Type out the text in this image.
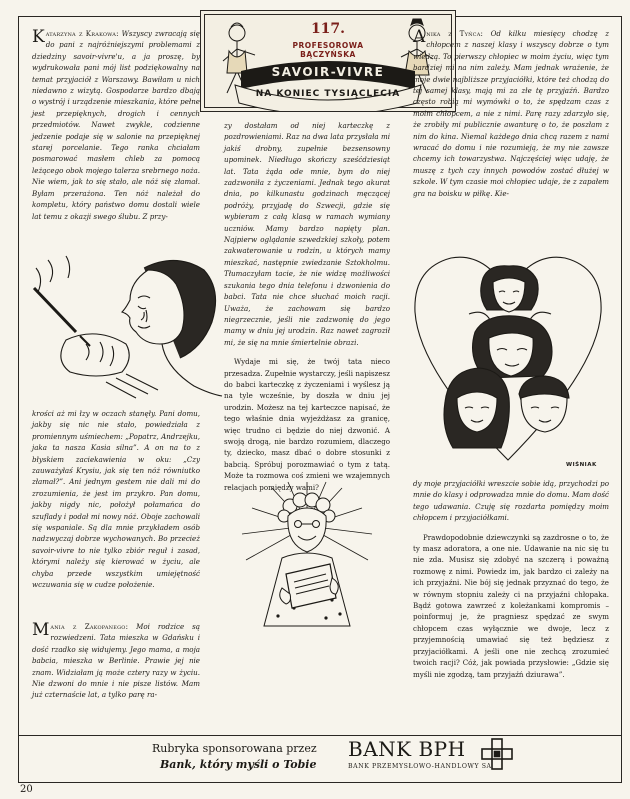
117.
PROFESOROWA
BĄCZYŃSKA
SAVOIR-VIVRE
NA KONIEC TYSIĄCLECIA

Katarzyna z Krakowa: Wszyscy zwracają się do pani z najróżniejszymi problemami z dziedziny savoir-vivre'u, a ja proszę, by wydrukowała pani mój list podziękowalny na temat przyjaciół z Warszawy. Bawiłam u nich niedawno z wizytą. Gospodarze bardzo dbają o wystrój i urządzenie mieszkania, które pełne jest przepięknych, drogich i cennych przedmiotów. Nawet zwykle, codzienne jedzenie podaje się w salonie na przepięknej starej porcelanie. Tego ranka chciałam posmarować masłem chleb za pomocą leżącego obok mojego talerza srebrnego noża. Nie wiem, jak to się stało, ale nóż się złamał. Byłam przerażona. Ten nóż należał do kompletu, który państwo domu dostali wiele lat temu z okazji swego ślubu. Z przy-

krości aż mi łzy w oczach stanęły. Pani domu, jakby się nic nie stało, powiedziała z promiennym uśmiechem: „Popatrz, Andrzejku, jaka ta nasza Kasia silna”. A on na to z błyskiem zaciekawienia w oku: „Czy zauważyłaś Krysiu, jak się ten nóż równiutko złamał?”. Ani jednym gestem nie dali mi do zrozumienia, że jest im przykro. Pan domu, jakby nigdy nic, położył połamańca do szuflady i podał mi nowy nóż. Oboje zachowali się wspaniale. Są dla mnie przykładem osób nadzwyczaj dobrze wychowanych. Bo przecież savoir-vivre to nie tylko zbiór reguł i zasad, którymi należy się kierować w życiu, ale chyba przede wszystkim umiejętność wczuwania się w cudze położenie.

Mania z Zakopanego: Moi rodzice są rozwiedzeni. Tata mieszka w Gdańsku i dość rzadko się widujemy. Jego mama, a moja babcia, mieszka w Berlinie. Prawie jej nie znam. Widziałam ją może cztery razy w życiu. Nie dzwoni do mnie i nie pisze listów. Mam już czternaście lat, a tylko parę ra-

zy dostałam od niej karteczkę z pozdrowieniami. Raz na dwa lata przysłała mi jakiś drobny, zupełnie bezsensowny upominek. Niedługo skończy sześćdziesiąt lat. Tata żąda ode mnie, bym do niej zadzwoniła z życzeniami. Jednak tego akurat dnia, po kilkunastu godzinach męczącej podróży, przyjadę do Szwecji, gdzie się wybieram z całą klasą w ramach wymiany uczniów. Mamy bardzo napięty plan. Najpierw oglądanie szwedzkiej szkoły, potem zakwaterowanie u rodzin, u których mamy mieszkać, następnie zwiedzanie Sztokholmu. Tłumaczyłam tacie, że nie widzę możliwości szukania tego dnia telefonu i dzwonienia do babci. Tata nie chce słuchać moich racji. Uważa, że zachowam się bardzo niegrzecznie, jeśli nie zadzwonię do jego mamy w dniu jej urodzin. Raz nawet zagroził mi, że się na mnie śmiertelnie obrazi.

Wydaje mi się, że twój tata nieco przesadza. Zupełnie wystarczy, jeśli napiszesz do babci karteczkę z życzeniami i wyślesz ją na tyle wcześnie, by doszła w dniu jej urodzin. Możesz na tej karteczce napisać, że tego właśnie dnia wyjeżdżasz za granicę, więc trudno ci będzie do niej dzwonić. A swoją drogą, nie bardzo rozumiem, dlaczego ty, dziecko, masz dbać o dobre stosunki z babcią. Spróbuj porozmawiać o tym z tatą. Może ta rozmowa coś zmieni we wzajemnych relacjach pomiędzy wami?

Anika z Tyńca: Od kilku miesięcy chodzę z chłopcem z naszej klasy i wszyscy dobrze o tym wiedzą. To pierwszy chłopiec w moim życiu, więc tym bardziej mi na nim zależy. Mam jednak wrażenie, że moje dwie najbliższe przyjaciółki, które też chodzą do tej samej klasy, mają mi za złe tę przyjaźń. Bardzo często robią mi wymówki o to, że spędzam czas z moim chłopcem, a nie z nimi. Parę razy zdarzyło się, że zrobiły mi publicznie awanturę o to, że poszłam z nim do kina. Niemal każdego dnia chcą razem z nami wracać do domu i nie rozumieją, że my nie zawsze chcemy ich towarzystwa. Najczęściej więc udaję, że muszę z tych czy innych powodów zostać dłużej w szkole. W tym czasie moi chłopiec udaje, że z zapałem gra na boisku w piłkę. Kie-

WIŚNIAK

dy moje przyjaciółki wreszcie sobie idą, przychodzi po mnie do klasy i odprowadza mnie do domu. Mam dość tego udawania. Czuję się rozdarta pomiędzy moim chłopcem i przyjaciółkami.

Prawdopodobnie dziewczynki są zazdrosne o to, że ty masz adoratora, a one nie. Udawanie na nic się tu nie zda. Musisz się zdobyć na szczerą i poważną rozmowę z nimi. Powiedz im, jak bardzo ci zależy na ich przyjaźni. Nie bój się jednak przyznać do tego, że w równym stopniu zależy ci na przyjaźni chłopaka. Bądź gotowa zawrzeć z koleżankami kompromis – poinformuj je, że pragniesz spędzać ze swym chłopcem czas wyłącznie we dwoje, lecz z przyjemnością umawiać się też będziesz z przyjaciółkami. A jeśli one nie zechcą zrozumieć twoich racji? Cóż, jak powiada przysłowie: „Gdzie się myśli nie zgodzą, tam przyjaźń dziurawa”.

Rubryka sponsorowana przez
Bank, który myśli o Tobie
BANK BPH
BANK PRZEMYSŁOWO-HANDLOWY SA
20
